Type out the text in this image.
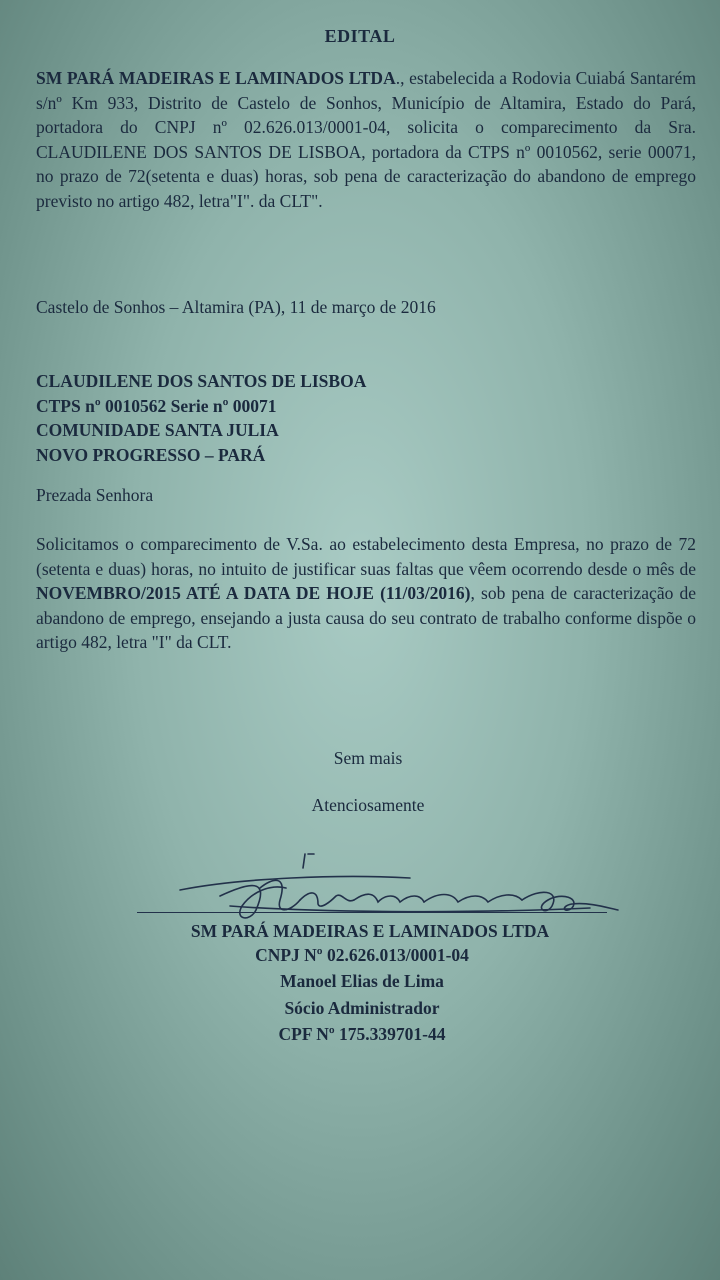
EDITAL
SM PARÁ MADEIRAS E LAMINADOS LTDA., estabelecida a Rodovia Cuiabá Santarém s/nº Km 933, Distrito de Castelo de Sonhos, Município de Altamira, Estado do Pará, portadora do CNPJ nº 02.626.013/0001-04, solicita o comparecimento da Sra. CLAUDILENE DOS SANTOS DE LISBOA, portadora da CTPS nº 0010562, serie 00071, no prazo de 72(setenta e duas) horas, sob pena de caracterização do abandono de emprego previsto no artigo 482, letra"I". da CLT".
Castelo de Sonhos – Altamira (PA), 11 de março de 2016
CLAUDILENE DOS SANTOS DE LISBOA
CTPS nº 0010562 Serie nº 00071
COMUNIDADE SANTA JULIA
NOVO PROGRESSO – PARÁ
Prezada Senhora
Solicitamos o comparecimento de V.Sa. ao estabelecimento desta Empresa, no prazo de 72 (setenta e duas) horas, no intuito de justificar suas faltas que vêem ocorrendo desde o mês de NOVEMBRO/2015 ATÉ A DATA DE HOJE (11/03/2016), sob pena de caracterização de abandono de emprego, ensejando a justa causa do seu contrato de trabalho conforme dispõe o artigo 482, letra "I" da CLT.
Sem mais
Atenciosamente
SM PARÁ MADEIRAS E LAMINADOS LTDA
CNPJ Nº 02.626.013/0001-04
Manoel Elias de Lima
Sócio Administrador
CPF Nº 175.339701-44
